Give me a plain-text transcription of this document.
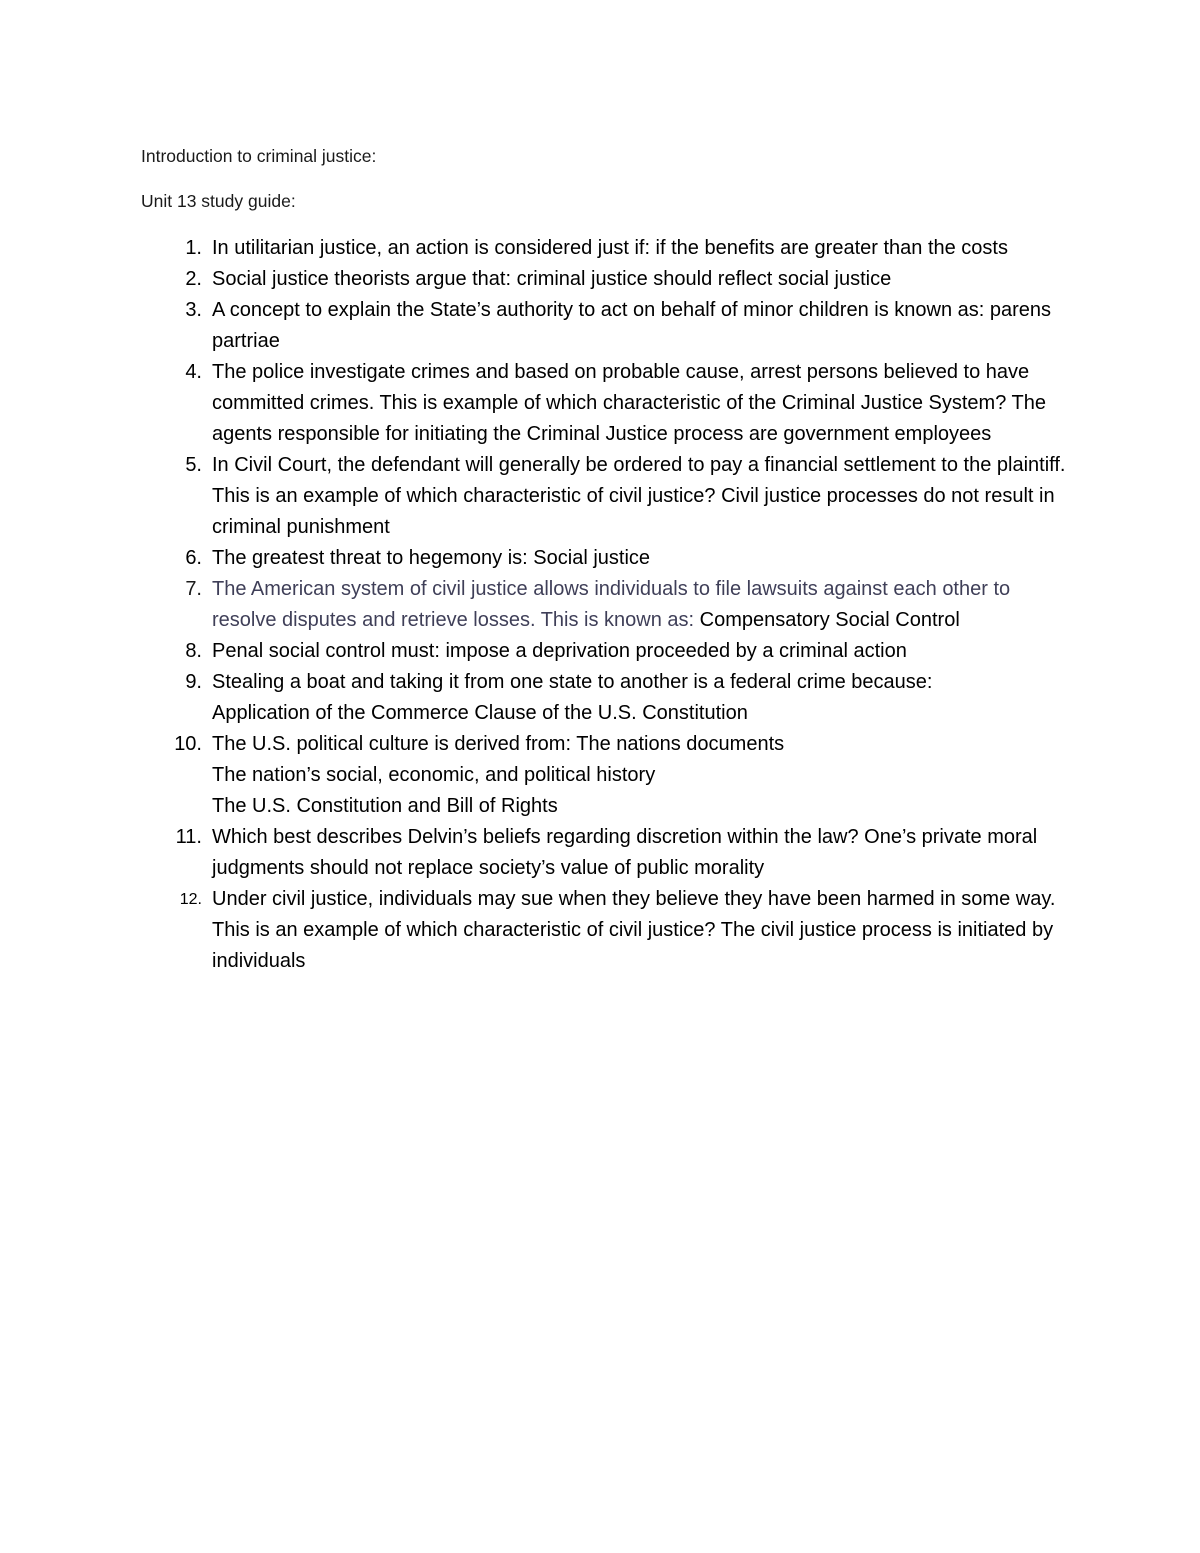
Introduction to criminal justice:
Unit 13 study guide:
1. In utilitarian justice, an action is considered just if: if the benefits are greater than the costs
2. Social justice theorists argue that: criminal justice should reflect social justice
3. A concept to explain the State’s authority to act on behalf of minor children is known as: parens partriae
4. The police investigate crimes and based on probable cause, arrest persons believed to have committed crimes. This is example of which characteristic of the Criminal Justice System? The agents responsible for initiating the Criminal Justice process are government employees
5. In Civil Court, the defendant will generally be ordered to pay a financial settlement to the plaintiff. This is an example of which characteristic of civil justice? Civil justice processes do not result in criminal punishment
6. The greatest threat to hegemony is: Social justice
7. The American system of civil justice allows individuals to file lawsuits against each other to resolve disputes and retrieve losses. This is known as: Compensatory Social Control
8. Penal social control must: impose a deprivation proceeded by a criminal action
9. Stealing a boat and taking it from one state to another is a federal crime because:
Application of the Commerce Clause of the U.S. Constitution
10. The U.S. political culture is derived from: The nations documents
The nation’s social, economic, and political history
The U.S. Constitution and Bill of Rights
11. Which best describes Delvin’s beliefs regarding discretion within the law? One’s private moral judgments should not replace society’s value of public morality
12. Under civil justice, individuals may sue when they believe they have been harmed in some way. This is an example of which characteristic of civil justice? The civil justice process is initiated by individuals
